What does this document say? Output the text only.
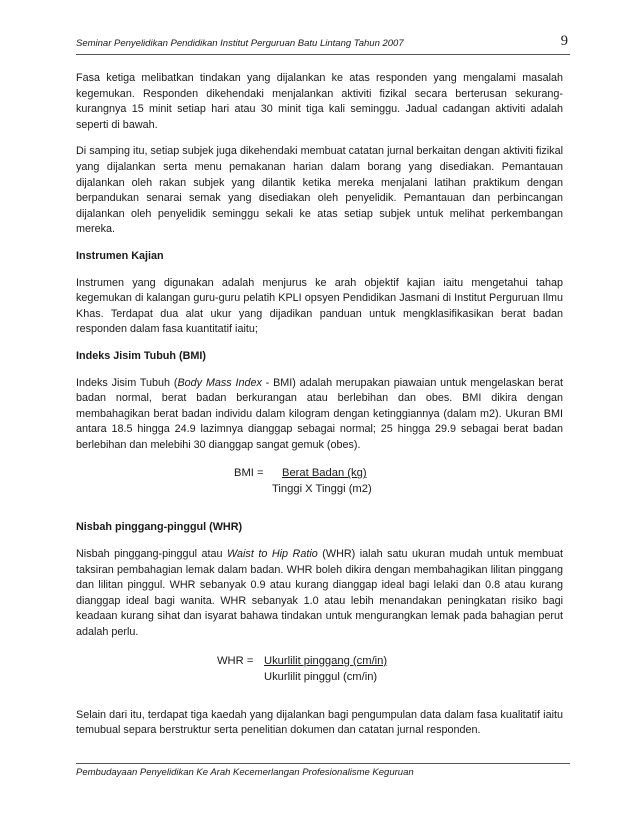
Seminar Penyelidikan Pendidikan Institut Perguruan Batu Lintang Tahun 2007	9

Fasa ketiga melibatkan tindakan yang dijalankan ke atas responden yang mengalami masalah kegemukan. Responden dikehendaki menjalankan aktiviti fizikal secara berterusan sekurang-kurangnya 15 minit setiap hari atau 30 minit tiga kali seminggu. Jadual cadangan aktiviti adalah seperti di bawah.

Di samping itu, setiap subjek juga dikehendaki membuat catatan jurnal berkaitan dengan aktiviti fizikal yang dijalankan serta menu pemakanan harian dalam borang yang disediakan. Pemantauan dijalankan oleh rakan subjek yang dilantik ketika mereka menjalani latihan praktikum dengan berpandukan senarai semak yang disediakan oleh penyelidik. Pemantauan dan perbincangan dijalankan oleh penyelidik seminggu sekali ke atas setiap subjek untuk melihat perkembangan mereka.

Instrumen Kajian

Instrumen yang digunakan adalah menjurus ke arah objektif kajian iaitu mengetahui tahap kegemukan di kalangan guru-guru pelatih KPLI opsyen Pendidikan Jasmani di Institut Perguruan Ilmu Khas. Terdapat dua alat ukur yang dijadikan panduan untuk mengklasifikasikan berat badan responden dalam fasa kuantitatif iaitu;

Indeks Jisim Tubuh (BMI)

Indeks Jisim Tubuh (Body Mass Index - BMI) adalah merupakan piawaian untuk mengelaskan berat badan normal, berat badan berkurangan atau berlebihan dan obes. BMI dikira dengan membahagikan berat badan individu dalam kilogram dengan ketinggiannya (dalam m2). Ukuran BMI antara 18.5 hingga 24.9 lazimnya dianggap sebagai normal; 25 hingga 29.9 sebagai berat badan berlebihan dan melebihi 30 dianggap sangat gemuk (obes).

BMI = Berat Badan (kg)
Tinggi X Tinggi (m2)

Nisbah pinggang-pinggul (WHR)

Nisbah pinggang-pinggul atau Waist to Hip Ratio (WHR) ialah satu ukuran mudah untuk membuat taksiran pembahagian lemak dalam badan. WHR boleh dikira dengan membahagikan lilitan pinggang dan lilitan pinggul. WHR sebanyak 0.9 atau kurang dianggap ideal bagi lelaki dan 0.8 atau kurang dianggap ideal bagi wanita. WHR sebanyak 1.0 atau lebih menandakan peningkatan risiko bagi keadaan kurang sihat dan isyarat bahawa tindakan untuk mengurangkan lemak pada bahagian perut adalah perlu.

WHR = Ukurlilit pinggang (cm/in)
Ukurlilit pinggul (cm/in)

Selain dari itu, terdapat tiga kaedah yang dijalankan bagi pengumpulan data dalam fasa kualitatif iaitu temubual separa berstruktur serta penelitian dokumen dan catatan jurnal responden.

Pembudayaan Penyelidikan Ke Arah Kecemerlangan Profesionalisme Keguruan
